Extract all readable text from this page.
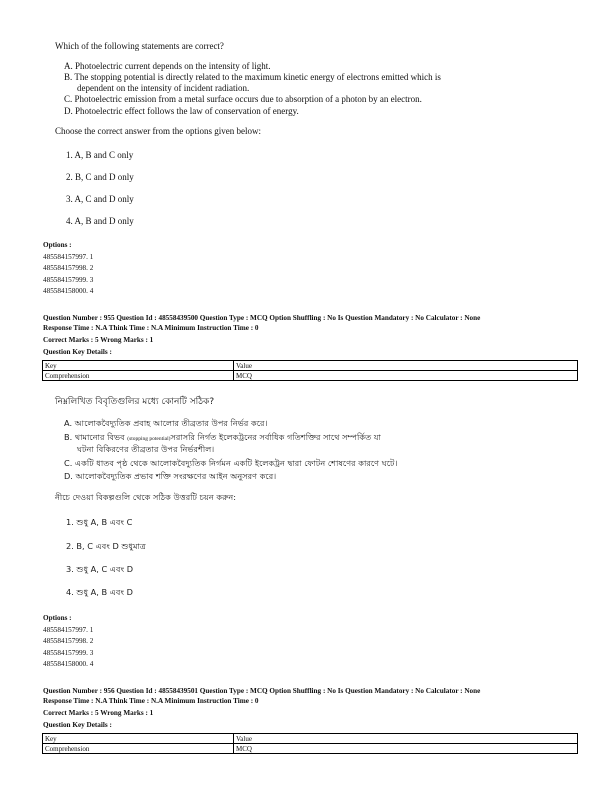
Which of the following statements are correct?
A. Photoelectric current depends on the intensity of light.
B. The stopping potential is directly related to the maximum kinetic energy of electrons emitted which is
dependent on the intensity of incident radiation.
C. Photoelectric emission from a metal surface occurs due to absorption of a photon by an electron.
D. Photoelectric effect follows the law of conservation of energy.
Choose the correct answer from the options given below:
1. A, B and C only
2. B, C and D only
3. A, C and D only
4. A, B and D only
Options :
485584157997. 1
485584157998. 2
485584157999. 3
485584158000. 4
Question Number : 955 Question Id : 48558439500 Question Type : MCQ Option Shuffling : No Is Question Mandatory : No Calculator : None
Response Time : N.A Think Time : N.A Minimum Instruction Time : 0
Correct Marks : 5 Wrong Marks : 1
Question Key Details :
Key	Value
Comprehension	MCQ
নিম্নলিখিত বিবৃতিগুলির মধ্যে কোনটি সঠিক?
A. আলোকবৈদ্যুতিক প্রবাহ আলোর তীব্রতার উপর নির্ভর করে।
B. থামানোর বিভব (stopping potential)সরাসরি নির্গত ইলেকট্রনের সর্বাধিক গতিশক্তির সাথে সম্পর্কিত যা
ঘটনা বিকিরণের তীব্রতার উপর নির্ভরশীল।
C. একটি ধাতব পৃষ্ঠ থেকে আলোকবৈদ্যুতিক নির্গমন একটি ইলেকট্রন দ্বারা ফোটন শোষণের কারণে ঘটে।
D. আলোকবৈদ্যুতিক প্রভাব শক্তি সংরক্ষণের আইন অনুসরণ করে।
নীচে দেওয়া বিকল্পগুলি থেকে সঠিক উত্তরটি চয়ন করুন:
1. শুধু A, B এবং C
2. B, C এবং D শুধুমাত্র
3. শুধু A, C এবং D
4. শুধু A, B এবং D
Options :
485584157997. 1
485584157998. 2
485584157999. 3
485584158000. 4
Question Number : 956 Question Id : 48558439501 Question Type : MCQ Option Shuffling : No Is Question Mandatory : No Calculator : None
Response Time : N.A Think Time : N.A Minimum Instruction Time : 0
Correct Marks : 5 Wrong Marks : 1
Question Key Details :
Key	Value
Comprehension	MCQ
